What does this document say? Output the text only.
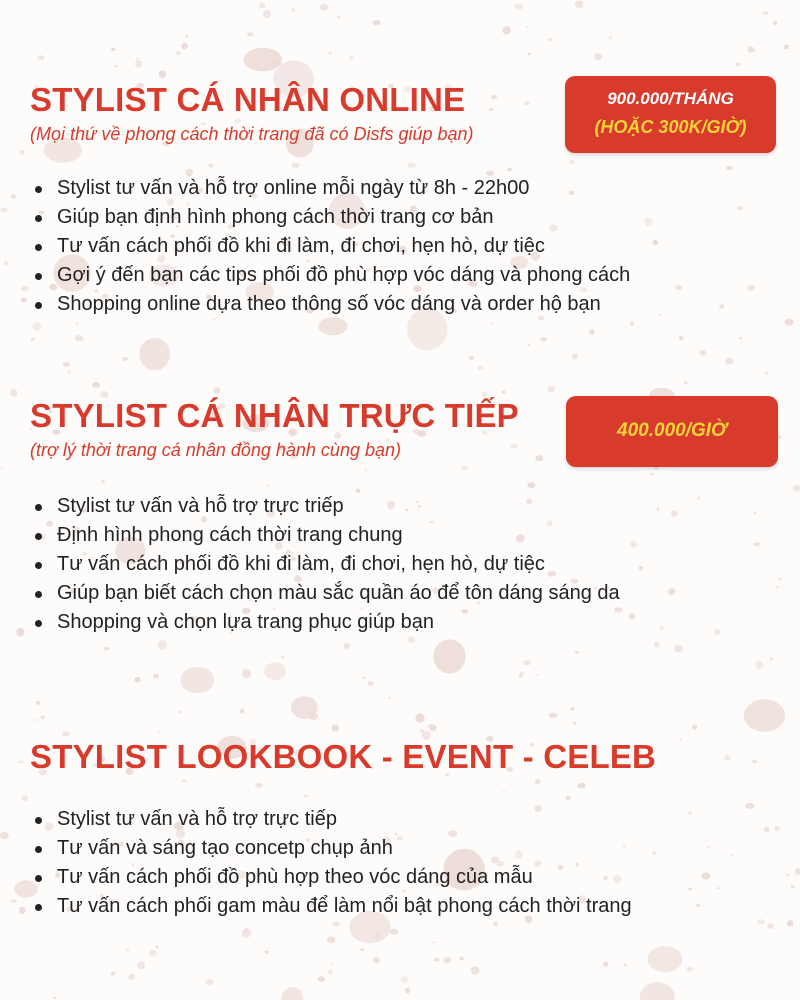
STYLIST CÁ NHÂN ONLINE

(Mọi thứ về phong cách thời trang đã có Disfs giúp bạn)

Stylist tư vấn và hỗ trợ online mỗi ngày từ 8h - 22h00
Giúp bạn định hình phong cách thời trang cơ bản
Tư vấn cách phối đồ khi đi làm, đi chơi, hẹn hò, dự tiệc
Gợi ý đến bạn các tips phối đồ phù hợp vóc dáng và phong cách
Shopping online dựa theo thông số vóc dáng và order hộ bạn
900.000/THÁNG
(HOẶC 300K/GIỜ)
STYLIST CÁ NHÂN TRỰC TIẾP

(trợ lý thời trang cá nhân đồng hành cùng bạn)

Stylist tư vấn và hỗ trợ trực triếp
Định hình phong cách thời trang chung
Tư vấn cách phối đồ khi đi làm, đi chơi, hẹn hò, dự tiệc
Giúp bạn biết cách chọn màu sắc quần áo để tôn dáng sáng da
Shopping và chọn lựa trang phục giúp bạn
400.000/GIỜ
STYLIST LOOKBOOK - EVENT - CELEB
Stylist tư vấn và hỗ trợ trực tiếp
Tư vấn và sáng tạo concetp chụp ảnh
Tư vấn cách phối đồ phù hợp theo vóc dáng của mẫu
Tư vấn cách phối gam màu để làm nổi bật phong cách thời trang
